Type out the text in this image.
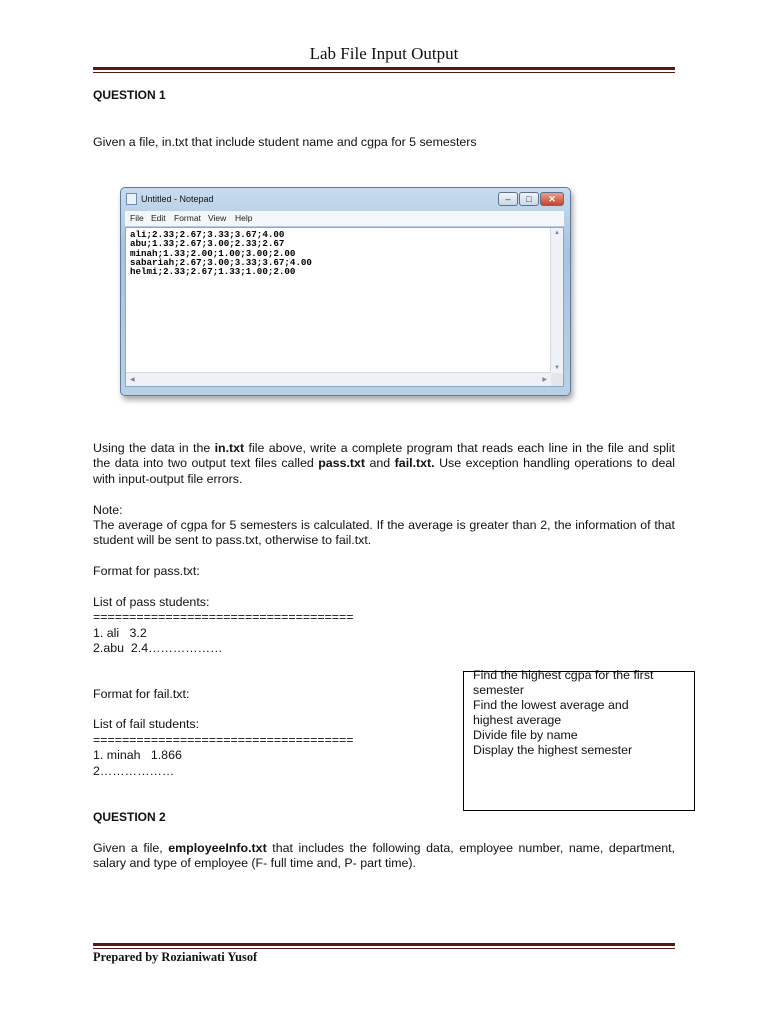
Lab File Input Output
QUESTION 1
Given a file, in.txt that include student name and cgpa for 5 semesters
Untitled - Notepad	–	□	✕
File Edit Format View Help
ali;2.33;2.67;3.33;3.67;4.00
abu;1.33;2.67;3.00;2.33;2.67
minah;1.33;2.00;1.00;3.00;2.00
sabariah;2.67;3.00;3.33;3.67;4.00
helmi;2.33;2.67;1.33;1.00;2.00
▲
▼
◀	▶
Using the data in the in.txt file above, write a complete program that reads each line in the file and split the data into two output text files called pass.txt and fail.txt. Use exception handling operations to deal with input-output file errors.
Note:
The average of cgpa for 5 semesters is calculated. If the average is greater than 2, the information of that student will be sent to pass.txt, otherwise to fail.txt.
Format for pass.txt:
List of pass students:
====================================
1. ali   3.2
2.abu  2.4………………
Format for fail.txt:
List of fail students:
====================================
1. minah   1.866
2………………
Find the highest cgpa for the first
semester
Find the lowest average and
highest average
Divide file by name
Display the highest semester
QUESTION 2
Given a file, employeeInfo.txt that includes the following data, employee number, name, department, salary and type of employee (F- full time and, P- part time).
Prepared by Rozianiwati Yusof
